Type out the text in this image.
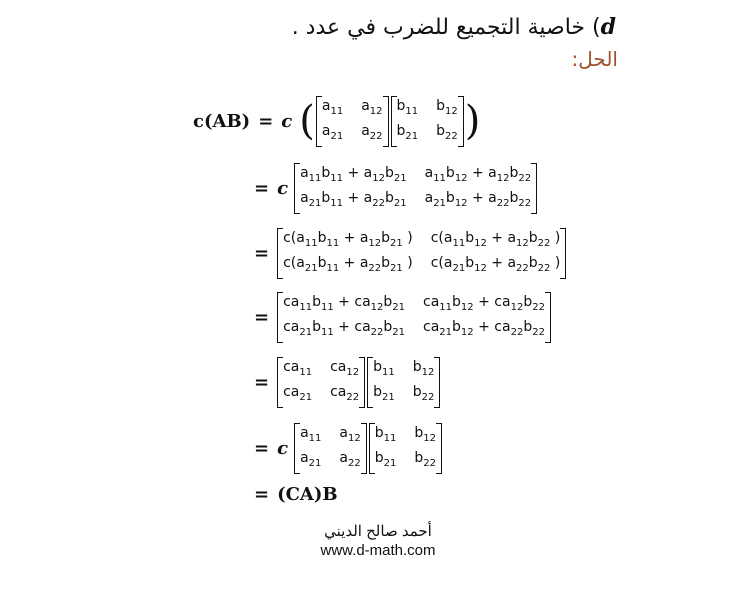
d) خاصية التجميع للضرب في عدد .
الحل:
c(AB) = c ( $a_{11}$ $a_{12}$
$a_{21}$ $a_{22}$
$b_{11}$ $b_{12}$
$b_{21}$ $b_{22}$ )
= c
$a_{11}b_{11} + a_{12}b_{21}$ $a_{11}b_{12} + a_{12}b_{22}$
$a_{21}b_{11} + a_{22}b_{21}$ $a_{21}b_{12} + a_{22}b_{22}$
=
$c(a_{11}b_{11} + a_{12}b_{21}$ ) $c(a_{11}b_{12} + a_{12}b_{22}$ )
$c(a_{21}b_{11} + a_{22}b_{21}$ ) $c(a_{21}b_{12} + a_{22}b_{22}$ )
=
$ca_{11}b_{11} + ca_{12}b_{21}$ $ca_{11}b_{12} + ca_{12}b_{22}$
$ca_{21}b_{11} + ca_{22}b_{21}$ $ca_{21}b_{12} + ca_{22}b_{22}$
=
$ca_{11}$ $ca_{12}$
$ca_{21}$ $ca_{22}$
$b_{11}$ $b_{12}$
$b_{21}$ $b_{22}$
= c
$a_{11}$ $a_{12}$
$a_{21}$ $a_{22}$
$b_{11}$ $b_{12}$
$b_{21}$ $b_{22}$
= (CA)B
أحمد صالح الديني
www.d-math.com
